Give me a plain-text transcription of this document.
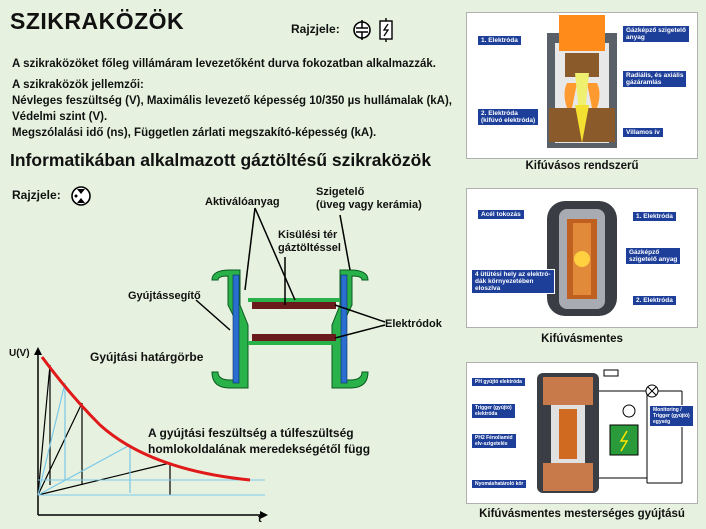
SZIKRAKÖZÖK	Rajzjele:
A szikraközöket főleg villámáram levezetőként durva fokozatban alkalmazzák.
A szikraközök jellemzői:
Névleges feszültség (V), Maximális levezető képesség 10/350 µs hullámalak (kA),
Védelmi szint (V).
Megszólalási idő (ns), Független zárlati megszakító-képesség (kA).
Informatikában alkalmazott gáztöltésű szikraközök
Rajzjele:	Aktiválóanyag
Szigetelő
(üveg vagy kerámia)
Kisülési tér
gáztöltéssel
Gyújtássegítő
Elektródok
U(V)
t
Gyújtási határgörbe
A gyújtási feszültség a túlfeszültség
homlokoldalának meredekségétől függ
1. Elektróda
2. Elektróda
(kifúvó elektróda)
Gázképző szigetelő
anyag
Radiális, és axiális
gázáramlás
Villamos ív
Kifúvásos rendszerű
Acél tokozás
4 ütütési hely az elektró-
dák környezetében
eloszlva
1. Elektróda
Gázképző
szigetelő anyag
2. Elektróda
Kifúvásmentes
PH gyújtó elektróda
Trigger (gyújtó)
elektróda
PH2 Fénoliamid
elv-szigetelés
Nyomáshatároló kör
Monitoring /
Trigger (gyújtó)
egység
Kifúvásmentes mesterséges gyújtású
